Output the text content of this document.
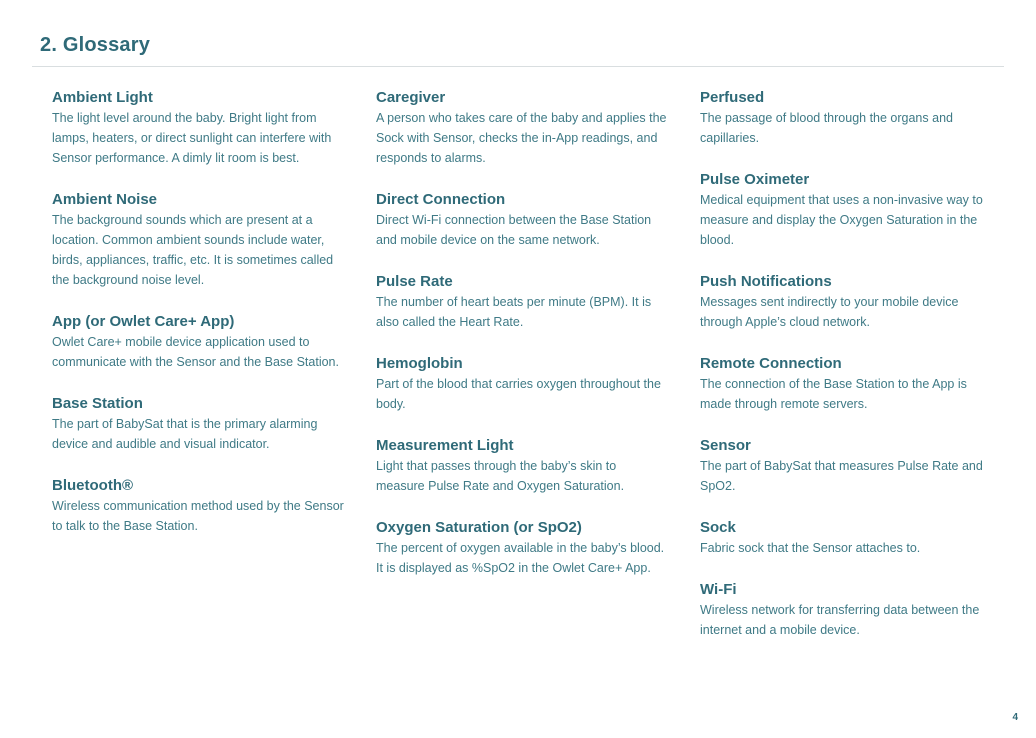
2. Glossary

Ambient Light

The light level around the baby. Bright light from lamps, heaters, or direct sunlight can interfere with Sensor performance. A dimly lit room is best.

Ambient Noise

The background sounds which are present at a location. Common ambient sounds include water, birds, appliances, traffic, etc. It is sometimes called the background noise level.

App (or Owlet Care+ App)

Owlet Care+ mobile device application used to communicate with the Sensor and the Base Station.

Base Station

The part of BabySat that is the primary alarming device and audible and visual indicator.

Bluetooth®

Wireless communication method used by the Sensor to talk to the Base Station.

Caregiver

A person who takes care of the baby and applies the Sock with Sensor, checks the in-App readings, and responds to alarms.

Direct Connection

Direct Wi-Fi connection between the Base Station and mobile device on the same network.

Pulse Rate

The number of heart beats per minute (BPM). It is also called the Heart Rate.

Hemoglobin

Part of the blood that carries oxygen throughout the body.

Measurement Light

Light that passes through the baby’s skin to measure Pulse Rate and Oxygen Saturation.

Oxygen Saturation (or SpO2)

The percent of oxygen available in the baby’s blood. It is displayed as %SpO2 in the Owlet Care+ App.

Perfused

The passage of blood through the organs and capillaries.

Pulse Oximeter

Medical equipment that uses a non-invasive way to measure and display the Oxygen Saturation in the blood.

Push Notifications

Messages sent indirectly to your mobile device through Apple’s cloud network.

Remote Connection

The connection of the Base Station to the App is made through remote servers.

Sensor

The part of BabySat that measures Pulse Rate and SpO2.

Sock

Fabric sock that the Sensor attaches to.

Wi-Fi

Wireless network for transferring data between the internet and a mobile device.

4
